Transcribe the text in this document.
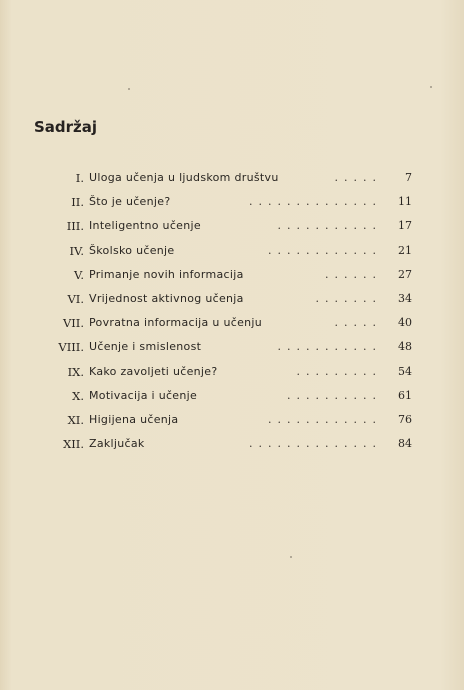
Sadržaj
I. Uloga učenja u ljudskom društvu	..... 7
II. Što je učenje?	.............. 11
III. Inteligentno učenje	........... 17
IV. Školsko učenje	............ 21
V. Primanje novih informacija	...... 27
VI. Vrijednost aktivnog učenja	....... 34
VII. Povratna informacija u učenju	..... 40
VIII. Učenje i smislenost	........... 48
IX. Kako zavoljeti učenje?	......... 54
X. Motivacija i učenje	.......... 61
XI. Higijena učenja	............ 76
XII. Zaključak	.............. 84
